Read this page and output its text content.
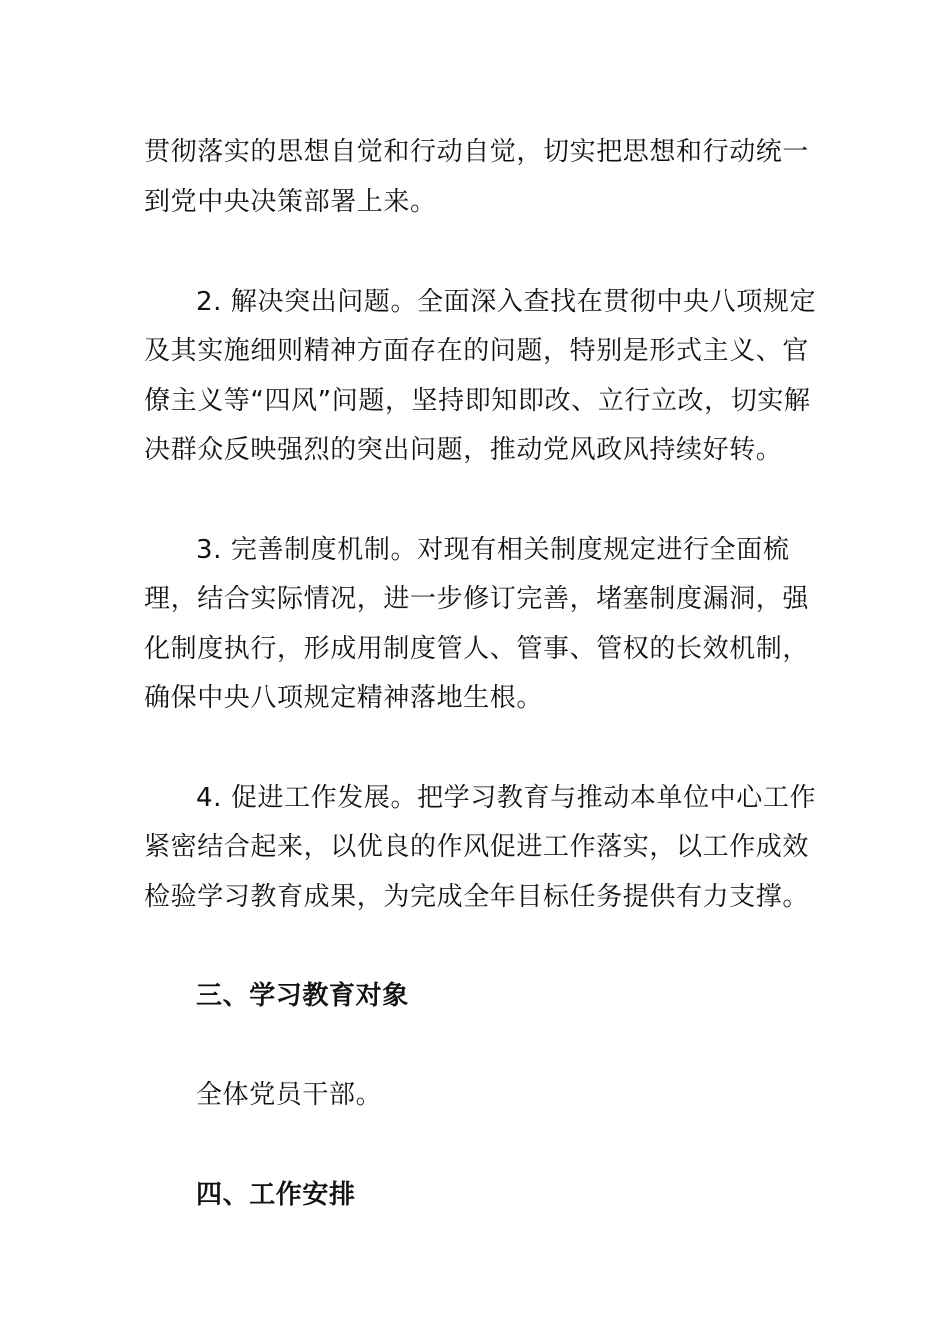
贯彻落实的思想自觉和行动自觉，切实把思想和行动统一
到党中央决策部署上来。
2. 解决突出问题。全面深入查找在贯彻中央八项规定
及其实施细则精神方面存在的问题，特别是形式主义、官
僚主义等“四风”问题，坚持即知即改、立行立改，切实解
决群众反映强烈的突出问题，推动党风政风持续好转。
3. 完善制度机制。对现有相关制度规定进行全面梳
理，结合实际情况，进一步修订完善，堵塞制度漏洞，强
化制度执行，形成用制度管人、管事、管权的长效机制，
确保中央八项规定精神落地生根。
4. 促进工作发展。把学习教育与推动本单位中心工作
紧密结合起来，以优良的作风促进工作落实，以工作成效
检验学习教育成果，为完成全年目标任务提供有力支撑。
三、学习教育对象
全体党员干部。
四、工作安排
